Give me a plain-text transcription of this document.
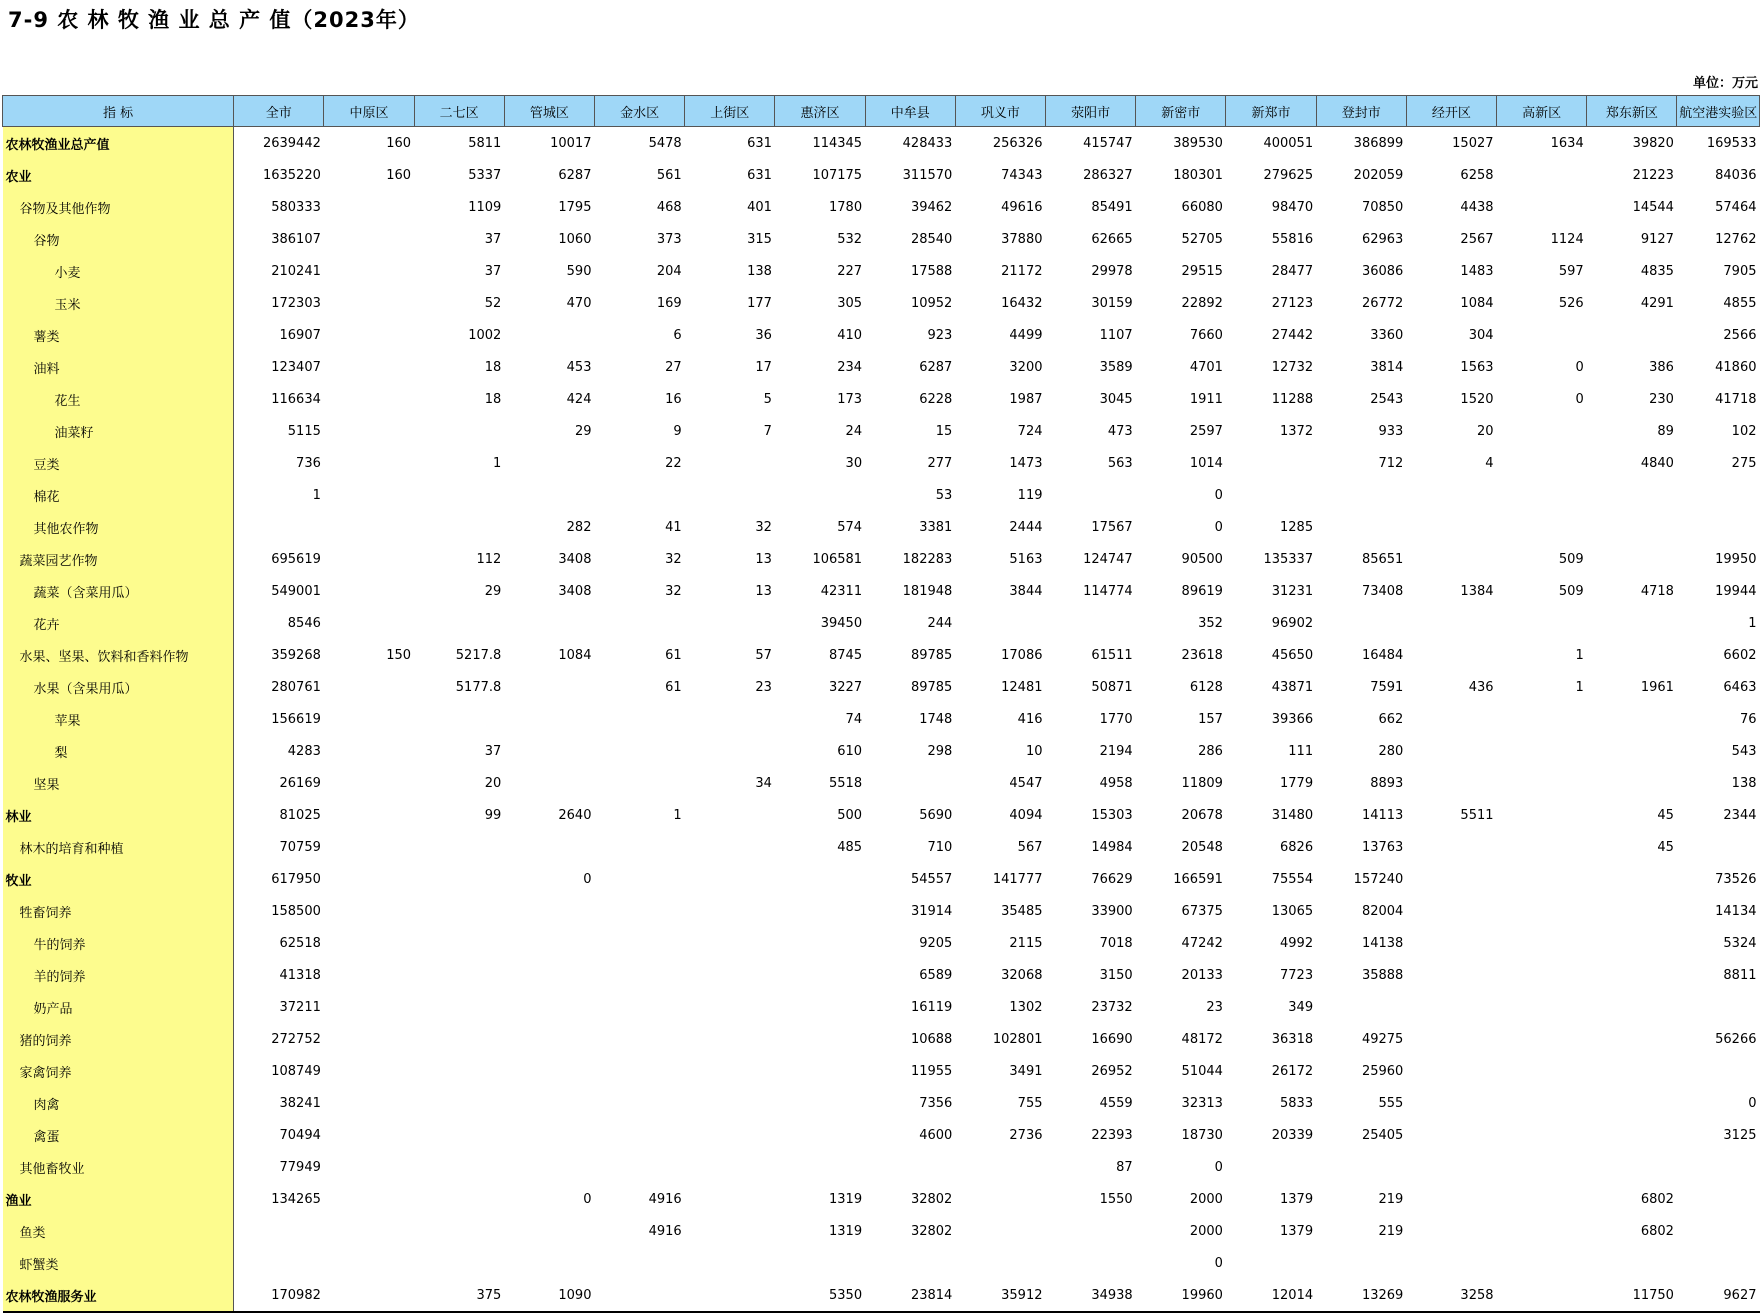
7-9 农 林 牧 渔 业 总 产 值（2023年）
单位：万元
指 标	全市	中原区	二七区	管城区	金水区	上街区	惠济区	中牟县	巩义市	荥阳市	新密市	新郑市	登封市	经开区	高新区	郑东新区	航空港实验区
农林牧渔业总产值	2639442	160	5811	10017	5478	631	114345	428433	256326	415747	389530	400051	386899	15027	1634	39820	169533
农业	1635220	160	5337	6287	561	631	107175	311570	74343	286327	180301	279625	202059	6258		21223	84036
谷物及其他作物	580333		1109	1795	468	401	1780	39462	49616	85491	66080	98470	70850	4438		14544	57464
谷物	386107		37	1060	373	315	532	28540	37880	62665	52705	55816	62963	2567	1124	9127	12762
小麦	210241		37	590	204	138	227	17588	21172	29978	29515	28477	36086	1483	597	4835	7905
玉米	172303		52	470	169	177	305	10952	16432	30159	22892	27123	26772	1084	526	4291	4855
薯类	16907		1002		6	36	410	923	4499	1107	7660	27442	3360	304			2566
油料	123407		18	453	27	17	234	6287	3200	3589	4701	12732	3814	1563	0	386	41860
花生	116634		18	424	16	5	173	6228	1987	3045	1911	11288	2543	1520	0	230	41718
油菜籽	5115			29	9	7	24	15	724	473	2597	1372	933	20		89	102
豆类	736		1		22		30	277	1473	563	1014		712	4		4840	275
棉花	1							53	119		0						
其他农作物				282	41	32	574	3381	2444	17567	0	1285					
蔬菜园艺作物	695619		112	3408	32	13	106581	182283	5163	124747	90500	135337	85651		509		19950
蔬菜（含菜用瓜）	549001		29	3408	32	13	42311	181948	3844	114774	89619	31231	73408	1384	509	4718	19944
花卉	8546						39450	244			352	96902					1
水果、坚果、饮料和香料作物	359268	150	5217.8	1084	61	57	8745	89785	17086	61511	23618	45650	16484		1		6602
水果（含果用瓜）	280761		5177.8		61	23	3227	89785	12481	50871	6128	43871	7591	436	1	1961	6463
苹果	156619						74	1748	416	1770	157	39366	662				76
梨	4283		37				610	298	10	2194	286	111	280				543
坚果	26169		20			34	5518		4547	4958	11809	1779	8893				138
林业	81025		99	2640	1		500	5690	4094	15303	20678	31480	14113	5511		45	2344
林木的培育和种植	70759						485	710	567	14984	20548	6826	13763			45	
牧业	617950			0				54557	141777	76629	166591	75554	157240				73526
牲畜饲养	158500							31914	35485	33900	67375	13065	82004				14134
牛的饲养	62518							9205	2115	7018	47242	4992	14138				5324
羊的饲养	41318							6589	32068	3150	20133	7723	35888				8811
奶产品	37211							16119	1302	23732	23	349					
猪的饲养	272752							10688	102801	16690	48172	36318	49275				56266
家禽饲养	108749							11955	3491	26952	51044	26172	25960				
肉禽	38241							7356	755	4559	32313	5833	555				0
禽蛋	70494							4600	2736	22393	18730	20339	25405				3125
其他畜牧业	77949									87	0						
渔业	134265			0	4916		1319	32802		1550	2000	1379	219			6802	
鱼类					4916		1319	32802			2000	1379	219			6802	
虾蟹类											0						
农林牧渔服务业	170982		375	1090			5350	23814	35912	34938	19960	12014	13269	3258		11750	9627
